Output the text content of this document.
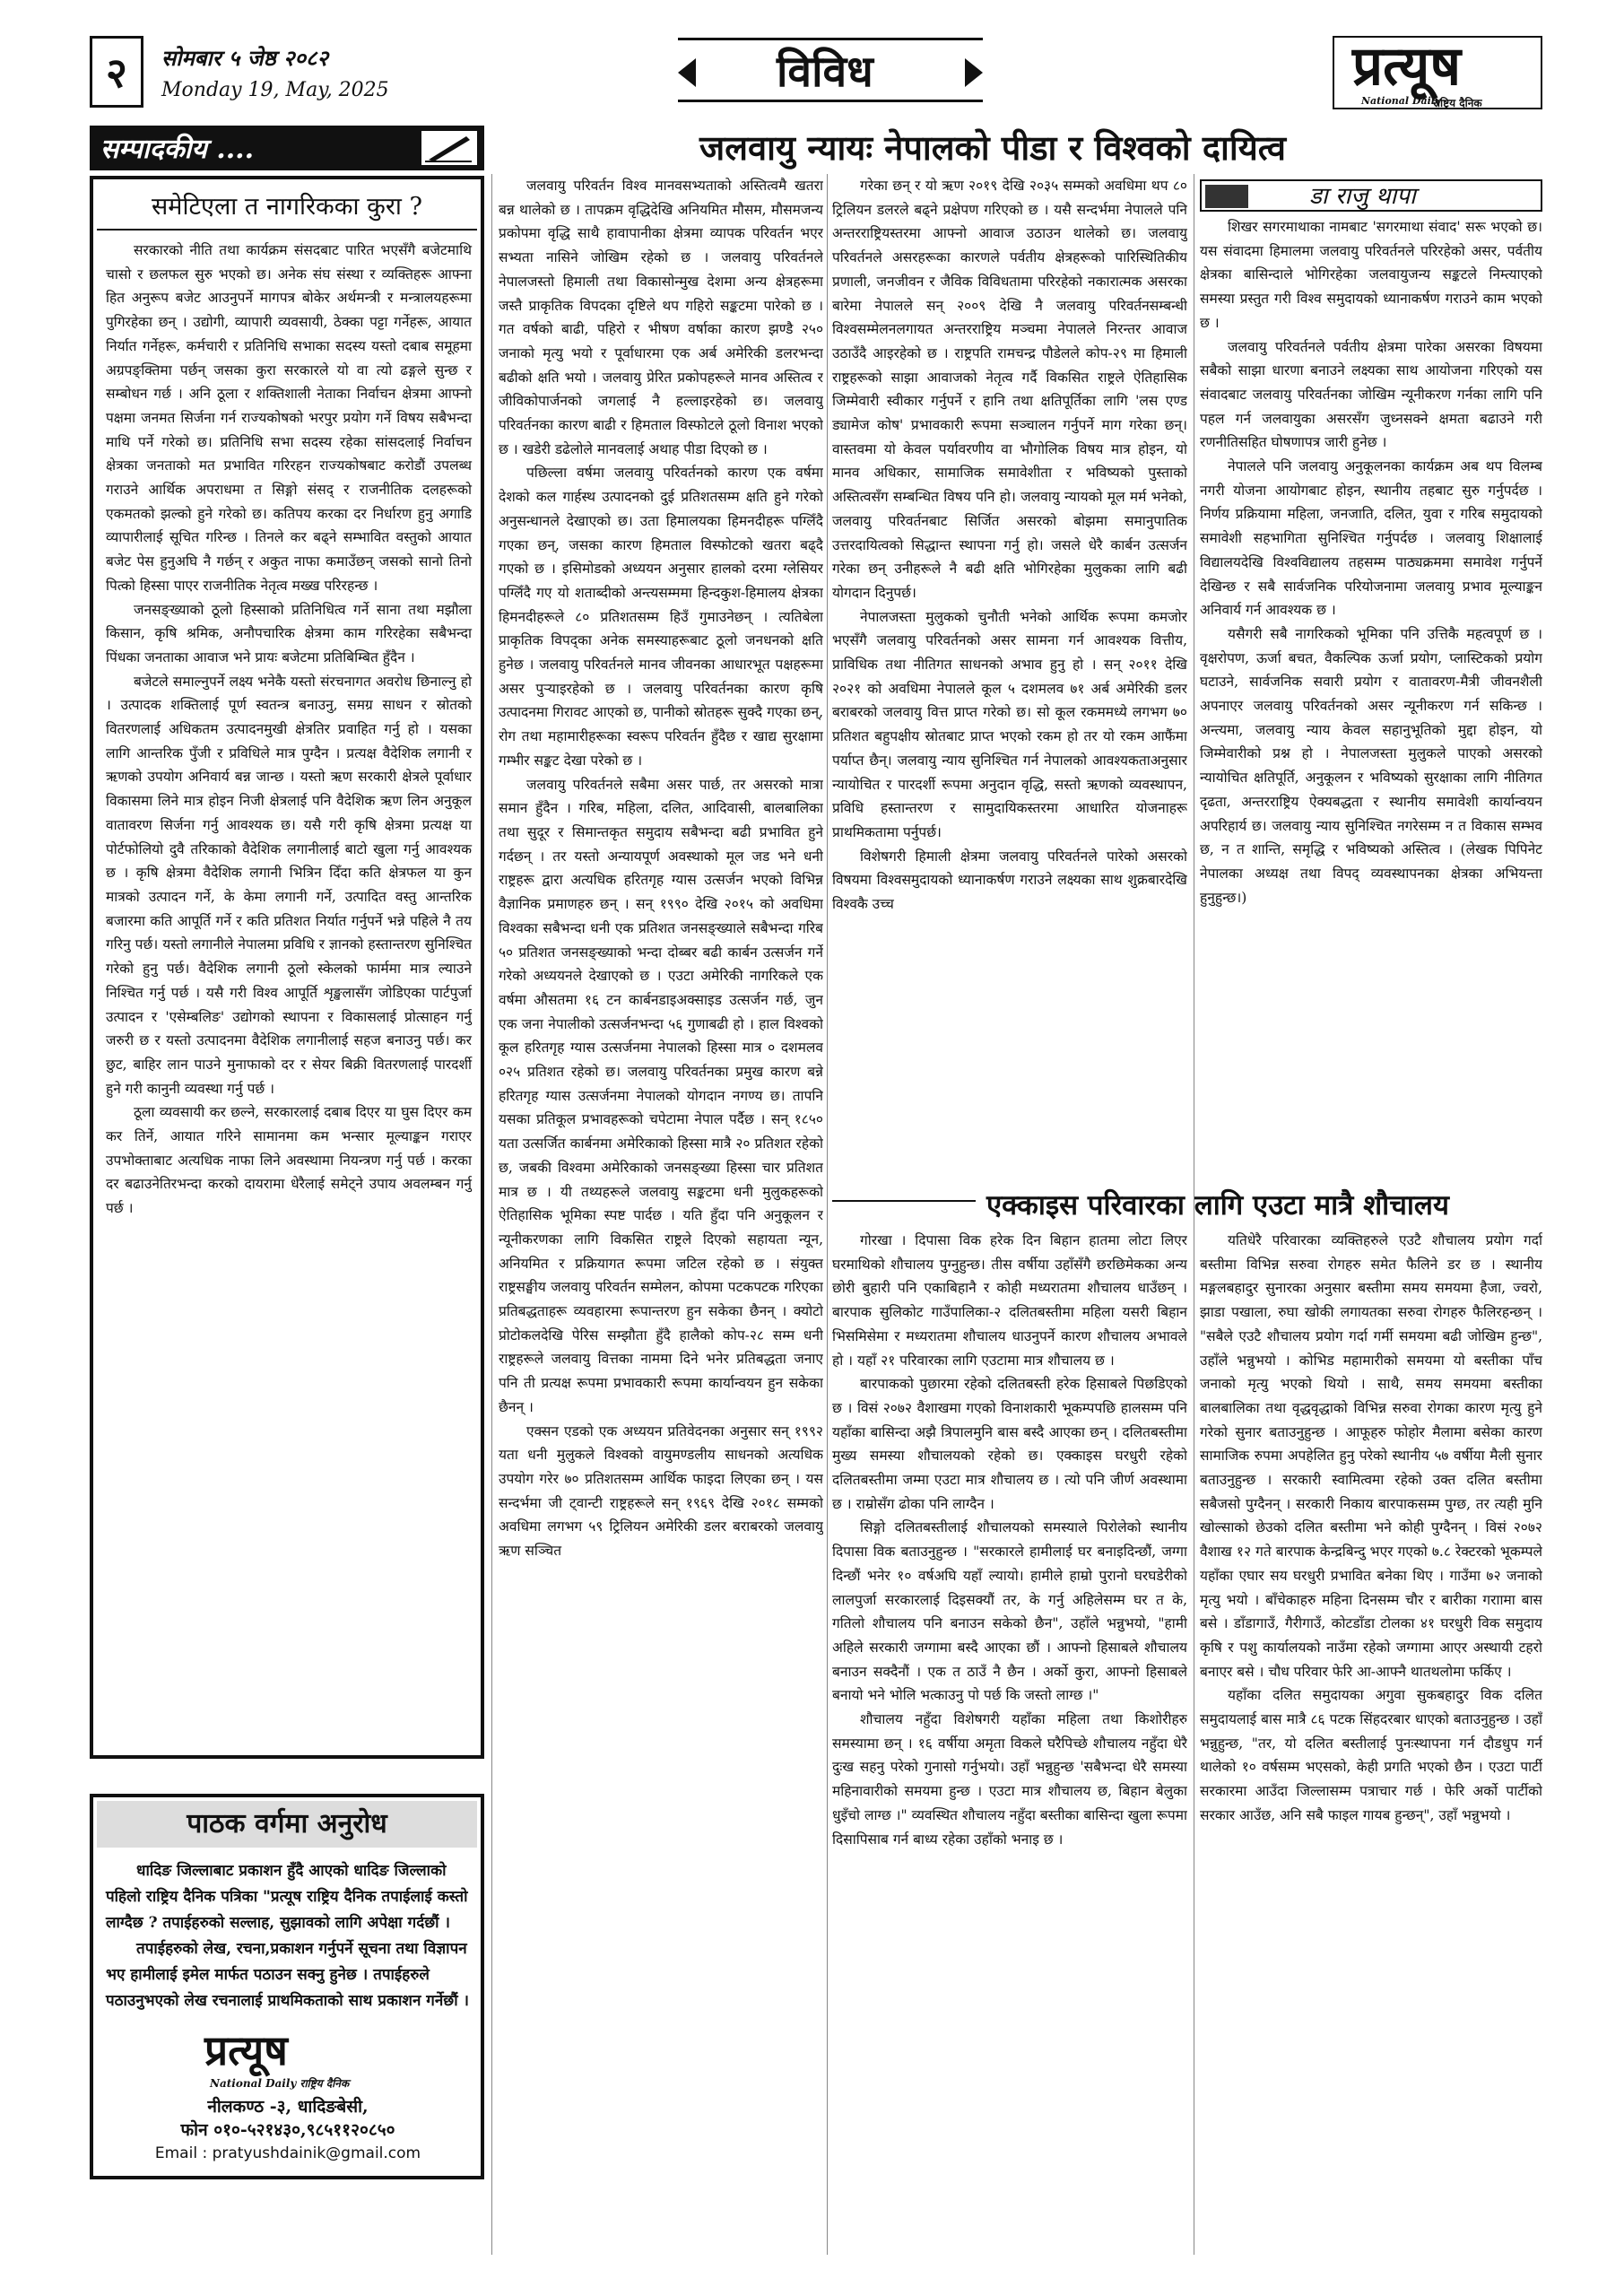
२	सोमबार ५ जेष्ठ २०८२
Monday 19, May, 2025	विविध	प्रत्यूष
National Daily
राष्ट्रिय दैनिक
सम्पादकीय ....
समेटिएला त नागरिकका कुरा ?

सरकारको नीति तथा कार्यक्रम संसदबाट पारित भएसँगै बजेटमाथि चासो र छलफल सुरु भएको छ। अनेक संघ संस्था र व्यक्तिहरू आफ्ना हित अनुरूप बजेट आउनुपर्ने मागपत्र बोकेर अर्थमन्त्री र मन्त्रालयहरूमा पुगिरहेका छन् । उद्योगी, व्यापारी व्यवसायी, ठेक्का पट्टा गर्नेहरू, आयात निर्यात गर्नेहरू, कर्मचारी र प्रतिनिधि सभाका सदस्य यस्तो दबाब समूहमा अग्रपङ्क्तिमा पर्छन् जसका कुरा सरकारले यो वा त्यो ढङ्गले सुन्छ र सम्बोधन गर्छ । अनि ठूला र शक्तिशाली नेताका निर्वाचन क्षेत्रमा आफ्नो पक्षमा जनमत सिर्जना गर्न राज्यकोषको भरपुर प्रयोग गर्ने विषय सबैभन्दा माथि पर्ने गरेको छ। प्रतिनिधि सभा सदस्य रहेका सांसदलाई निर्वाचन क्षेत्रका जनताको मत प्रभावित गरिरहन राज्यकोषबाट करोडौं उपलब्ध गराउने आर्थिक अपराधमा त सिङ्गो संसद् र राजनीतिक दलहरूको एकमतको झल्को हुने गरेको छ। कतिपय करका दर निर्धारण हुनु अगाडि व्यापारीलाई सूचित गरिन्छ । तिनले कर बढ्ने सम्भावित वस्तुको आयात बजेट पेस हुनुअघि नै गर्छन् र अकुत नाफा कमाउँछन् जसको सानो तिनो पित्को हिस्सा पाएर राजनीतिक नेतृत्व मख्ख परिरहन्छ ।

जनसङ्ख्याको ठूलो हिस्साको प्रतिनिधित्व गर्ने साना तथा मझौला किसान, कृषि श्रमिक, अनौपचारिक क्षेत्रमा काम गरिरहेका सबैभन्दा पिंधका जनताका आवाज भने प्रायः बजेटमा प्रतिबिम्बित हुँदैन ।

बजेटले समाल्नुपर्ने लक्ष्य भनेकै यस्तो संरचनागत अवरोध छिनाल्नु हो । उत्पादक शक्तिलाई पूर्ण स्वतन्त्र बनाउनु, समग्र साधन र स्रोतको वितरणलाई अधिकतम उत्पादनमुखी क्षेत्रतिर प्रवाहित गर्नु हो । यसका लागि आन्तरिक पुँजी र प्रविधिले मात्र पुग्दैन । प्रत्यक्ष वैदेशिक लगानी र ऋणको उपयोग अनिवार्य बन्न जान्छ । यस्तो ऋण सरकारी क्षेत्रले पूर्वाधार विकासमा लिने मात्र होइन निजी क्षेत्रलाई पनि वैदेशिक ऋण लिन अनुकूल वातावरण सिर्जना गर्नु आवश्यक छ। यसै गरी कृषि क्षेत्रमा प्रत्यक्ष या पोर्टफोलियो दुवै तरिकाको वैदेशिक लगानीलाई बाटो खुला गर्नु आवश्यक छ । कृषि क्षेत्रमा वैदेशिक लगानी भित्रिन दिँदा कति क्षेत्रफल या कुन मात्रको उत्पादन गर्ने, के केमा लगानी गर्ने, उत्पादित वस्तु आन्तरिक बजारमा कति आपूर्ति गर्ने र कति प्रतिशत निर्यात गर्नुपर्ने भन्ने पहिले नै तय गरिनु पर्छ। यस्तो लगानीले नेपालमा प्रविधि र ज्ञानको हस्तान्तरण सुनिश्चित गरेको हुनु पर्छ। वैदेशिक लगानी ठूलो स्केलको फार्ममा मात्र ल्याउने निश्चित गर्नु पर्छ । यसै गरी विश्व आपूर्ति शृङ्खलासँग जोडिएका पार्टपुर्जा उत्पादन र 'एसेम्बलिङ' उद्योगको स्थापना र विकासलाई प्रोत्साहन गर्नु जरुरी छ र यस्तो उत्पादनमा वैदेशिक लगानीलाई सहज बनाउनु पर्छ। कर छुट, बाहिर लान पाउने मुनाफाको दर र सेयर बिक्री वितरणलाई पारदर्शी हुने गरी कानुनी व्यवस्था गर्नु पर्छ ।

ठूला व्यवसायी कर छल्ने, सरकारलाई दबाब दिएर या घुस दिएर कम कर तिर्ने, आयात गरिने सामानमा कम भन्सार मूल्याङ्कन गराएर उपभोक्ताबाट अत्यधिक नाफा लिने अवस्थामा नियन्त्रण गर्नु पर्छ । करका दर बढाउनेतिरभन्दा करको दायरामा धेरैलाई समेट्ने उपाय अवलम्बन गर्नु पर्छ ।

पाठक वर्गमा अनुरोध

धादिङ जिल्लाबाट प्रकाशन हुँदै आएको धादिङ जिल्लाको पहिलो राष्ट्रिय दैनिक पत्रिका "प्रत्यूष राष्ट्रिय दैनिक तपाईलाई कस्तो लाग्दैछ ? तपाईहरुको सल्लाह, सुझावको लागि अपेक्षा गर्दछौं ।

तपाईहरुको लेख, रचना,प्रकाशन गर्नुपर्ने सूचना तथा विज्ञापन भए हामीलाई इमेल मार्फत पठाउन सक्नु हुनेछ । तपाईहरुले पठाउनुभएको लेख रचनालाई प्राथमिकताको साथ प्रकाशन गर्नेछौं ।

प्रत्यूष
National Daily राष्ट्रिय दैनिक
नीलकण्ठ -३, धादिङबेसी,
फोन ०१०-५२१४३०,९८५११२०८५०
Email : pratyushdainik@gmail.com
जलवायु न्यायः नेपालको पीडा र विश्वको दायित्व

जलवायु परिवर्तन विश्व मानवसभ्यताको अस्तित्वमै खतरा बन्न थालेको छ । तापक्रम वृद्धिदेखि अनियमित मौसम, मौसमजन्य प्रकोपमा वृद्धि साथै हावापानीका क्षेत्रमा व्यापक परिवर्तन भएर सभ्यता नासिने जोखिम रहेको छ । जलवायु परिवर्तनले नेपालजस्तो हिमाली तथा विकासोन्मुख देशमा अन्य क्षेत्रहरूमा जस्तै प्राकृतिक विपदका दृष्टिले थप गहिरो सङ्कटमा पारेको छ । गत वर्षको बाढी, पहिरो र भीषण वर्षाका कारण झण्डै २५० जनाको मृत्यु भयो र पूर्वाधारमा एक अर्ब अमेरिकी डलरभन्दा बढीको क्षति भयो । जलवायु प्रेरित प्रकोपहरूले मानव अस्तित्व र जीविकोपार्जनको जगलाई नै हल्लाइरहेको छ। जलवायु परिवर्तनका कारण बाढी र हिमताल विस्फोटले ठूलो विनाश भएको छ । खडेरी डढेलोले मानवलाई अथाह पीडा दिएको छ ।

पछिल्ला वर्षमा जलवायु परिवर्तनको कारण एक वर्षमा देशको कल गार्हस्थ उत्पादनको दुई प्रतिशतसम्म क्षति हुने गरेको अनुसन्धानले देखाएको छ। उता हिमालयका हिमनदीहरू पग्लिँदै गएका छन्, जसका कारण हिमताल विस्फोटको खतरा बढ्दै गएको छ । इसिमोडको अध्ययन अनुसार हालको दरमा ग्लेसियर पग्लिँदै गए यो शताब्दीको अन्त्यसम्ममा हिन्दकुश-हिमालय क्षेत्रका हिमनदीहरूले ८० प्रतिशतसम्म हिउँ गुमाउनेछन् । त्यतिबेला प्राकृतिक विपद्का अनेक समस्याहरूबाट ठूलो जनधनको क्षति हुनेछ । जलवायु परिवर्तनले मानव जीवनका आधारभूत पक्षहरूमा असर पुऱ्याइरहेको छ । जलवायु परिवर्तनका कारण कृषि उत्पादनमा गिरावट आएको छ, पानीको स्रोतहरू सुक्दै गएका छन्, रोग तथा महामारीहरूका स्वरूप परिवर्तन हुँदैछ र खाद्य सुरक्षामा गम्भीर सङ्कट देखा परेको छ ।

जलवायु परिवर्तनले सबैमा असर पार्छ, तर असरको मात्रा समान हुँदैन । गरिब, महिला, दलित, आदिवासी, बालबालिका तथा सुदूर र सिमान्तकृत समुदाय सबैभन्दा बढी प्रभावित हुने गर्दछन् । तर यस्तो अन्यायपूर्ण अवस्थाको मूल जड भने धनी राष्ट्रहरू द्वारा अत्यधिक हरितगृह ग्यास उत्सर्जन भएको विभिन्न वैज्ञानिक प्रमाणहरु छन् । सन् १९९० देखि २०१५ को अवधिमा विश्वका सबैभन्दा धनी एक प्रतिशत जनसङ्ख्याले सबैभन्दा गरिब ५० प्रतिशत जनसङ्ख्याको भन्दा दोब्बर बढी कार्बन उत्सर्जन गर्ने गरेको अध्ययनले देखाएको छ । एउटा अमेरिकी नागरिकले एक वर्षमा औसतमा १६ टन कार्बनडाइअक्साइड उत्सर्जन गर्छ, जुन एक जना नेपालीको उत्सर्जनभन्दा ५६ गुणाबढी हो । हाल विश्वको कूल हरितगृह ग्यास उत्सर्जनमा नेपालको हिस्सा मात्र ० दशमलव ०२५ प्रतिशत रहेको छ। जलवायु परिवर्तनका प्रमुख कारण बन्ने हरितगृह ग्यास उत्सर्जनमा नेपालको योगदान नगण्य छ। तापनि यसका प्रतिकूल प्रभावहरूको चपेटामा नेपाल पर्दैछ । सन् १८५० यता उत्सर्जित कार्बनमा अमेरिकाको हिस्सा मात्रै २० प्रतिशत रहेको छ, जबकी विश्वमा अमेरिकाको जनसङ्ख्या हिस्सा चार प्रतिशत मात्र छ । यी तथ्यहरूले जलवायु सङ्कटमा धनी मुलुकहरूको ऐतिहासिक भूमिका स्पष्ट पार्दछ । यति हुँदा पनि अनुकूलन र न्यूनीकरणका लागि विकसित राष्ट्रले दिएको सहायता न्यून, अनियमित र प्रक्रियागत रूपमा जटिल रहेको छ । संयुक्त राष्ट्रसङ्घीय जलवायु परिवर्तन सम्मेलन, कोपमा पटकपटक गरिएका प्रतिबद्धताहरू व्यवहारमा रूपान्तरण हुन सकेका छैनन् । क्योटो प्रोटोकलदेखि पेरिस सम्झौता हुँदै हालैको कोप-२८ सम्म धनी राष्ट्रहरूले जलवायु वित्तका नाममा दिने भनेर प्रतिबद्धता जनाए पनि ती प्रत्यक्ष रूपमा प्रभावकारी रूपमा कार्यान्वयन हुन सकेका छैनन् ।

एक्सन एडको एक अध्ययन प्रतिवेदनका अनुसार सन् १९९२ यता धनी मुलुकले विश्वको वायुमण्डलीय साधनको अत्यधिक उपयोग गरेर ७० प्रतिशतसम्म आर्थिक फाइदा लिएका छन् । यस सन्दर्भमा जी ट्वान्टी राष्ट्रहरूले सन् १९६९ देखि २०१८ सम्मको अवधिमा लगभग ५९ ट्रिलियन अमेरिकी डलर बराबरको जलवायु ऋण सञ्चित

गरेका छन् र यो ऋण २०१९ देखि २०३५ सम्मको अवधिमा थप ८० ट्रिलियन डलरले बढ्ने प्रक्षेपण गरिएको छ । यसै सन्दर्भमा नेपालले पनि अन्तरराष्ट्रियस्तरमा आफ्नो आवाज उठाउन थालेको छ। जलवायु परिवर्तनले असरहरूका कारणले पर्वतीय क्षेत्रहरूको पारिस्थितिकीय प्रणाली, जनजीवन र जैविक विविधतामा परिरहेको नकारात्मक असरका बारेमा नेपालले सन् २००९ देखि नै जलवायु परिवर्तनसम्बन्धी विश्वसम्मेलनलगायत अन्तरराष्ट्रिय मञ्चमा नेपालले निरन्तर आवाज उठाउँदै आइरहेको छ । राष्ट्रपति रामचन्द्र पौडेलले कोप-२९ मा हिमाली राष्ट्रहरूको साझा आवाजको नेतृत्व गर्दै विकसित राष्ट्रले ऐतिहासिक जिम्मेवारी स्वीकार गर्नुपर्ने र हानि तथा क्षतिपूर्तिका लागि 'लस एण्ड ड्यामेज कोष' प्रभावकारी रूपमा सञ्चालन गर्नुपर्ने माग गरेका छन्। वास्तवमा यो केवल पर्यावरणीय वा भौगोलिक विषय मात्र होइन, यो मानव अधिकार, सामाजिक समावेशीता र भविष्यको पुस्ताको अस्तित्वसँग सम्बन्धित विषय पनि हो। जलवायु न्यायको मूल मर्म भनेको, जलवायु परिवर्तनबाट सिर्जित असरको बोझमा समानुपातिक उत्तरदायित्वको सिद्धान्त स्थापना गर्नु हो। जसले धेरै कार्बन उत्सर्जन गरेका छन् उनीहरूले नै बढी क्षति भोगिरहेका मुलुकका लागि बढी योगदान दिनुपर्छ।

नेपालजस्ता मुलुकको चुनौती भनेको आर्थिक रूपमा कमजोर भएसँगै जलवायु परिवर्तनको असर सामना गर्न आवश्यक वित्तीय, प्राविधिक तथा नीतिगत साधनको अभाव हुनु हो । सन् २०११ देखि २०२१ को अवधिमा नेपालले कूल ५ दशमलव ७१ अर्ब अमेरिकी डलर बराबरको जलवायु वित्त प्राप्त गरेको छ। सो कूल रकममध्ये लगभग ७० प्रतिशत बहुपक्षीय स्रोतबाट प्राप्त भएको रकम हो तर यो रकम आफैंमा पर्याप्त छैन्। जलवायु न्याय सुनिश्चित गर्न नेपालको आवश्यकताअनुसार न्यायोचित र पारदर्शी रूपमा अनुदान वृद्धि, सस्तो ऋणको व्यवस्थापन, प्रविधि हस्तान्तरण र सामुदायिकस्तरमा आधारित योजनाहरू प्राथमिकतामा पर्नुपर्छ।

विशेषगरी हिमाली क्षेत्रमा जलवायु परिवर्तनले पारेको असरको विषयमा विश्वसमुदायको ध्यानाकर्षण गराउने लक्ष्यका साथ शुक्रबारदेखि विश्वकै उच्च

डा राजु थापा

शिखर सगरमाथाका नामबाट 'सगरमाथा संवाद' सरू भएको छ। यस संवादमा हिमालमा जलवायु परिवर्तनले परिरहेको असर, पर्वतीय क्षेत्रका बासिन्दाले भोगिरहेका जलवायुजन्य सङ्कटले निम्त्याएको समस्या प्रस्तुत गरी विश्व समुदायको ध्यानाकर्षण गराउने काम भएको छ ।

जलवायु परिवर्तनले पर्वतीय क्षेत्रमा पारेका असरका विषयमा सबैको साझा धारणा बनाउने लक्ष्यका साथ आयोजना गरिएको यस संवादबाट जलवायु परिवर्तनका जोखिम न्यूनीकरण गर्नका लागि पनि पहल गर्न जलवायुका असरसँग जुध्नसक्ने क्षमता बढाउने गरी रणनीतिसहित घोषणापत्र जारी हुनेछ ।

नेपालले पनि जलवायु अनुकूलनका कार्यक्रम अब थप विलम्ब नगरी योजना आयोगबाट होइन, स्थानीय तहबाट सुरु गर्नुपर्दछ । निर्णय प्रक्रियामा महिला, जनजाति, दलित, युवा र गरिब समुदायको समावेशी सहभागिता सुनिश्चित गर्नुपर्दछ । जलवायु शिक्षालाई विद्यालयदेखि विश्वविद्यालय तहसम्म पाठ्यक्रममा समावेश गर्नुपर्ने देखिन्छ र सबै सार्वजनिक परियोजनामा जलवायु प्रभाव मूल्याङ्कन अनिवार्य गर्न आवश्यक छ ।

यसैगरी सबै नागरिकको भूमिका पनि उत्तिकै महत्वपूर्ण छ । वृक्षरोपण, ऊर्जा बचत, वैकल्पिक ऊर्जा प्रयोग, प्लास्टिकको प्रयोग घटाउने, सार्वजनिक सवारी प्रयोग र वातावरण-मैत्री जीवनशैली अपनाएर जलवायु परिवर्तनको असर न्यूनीकरण गर्न सकिन्छ । अन्त्यमा, जलवायु न्याय केवल सहानुभूतिको मुद्दा होइन, यो जिम्मेवारीको प्रश्न हो । नेपालजस्ता मुलुकले पाएको असरको न्यायोचित क्षतिपूर्ति, अनुकूलन र भविष्यको सुरक्षाका लागि नीतिगत दृढता, अन्तरराष्ट्रिय ऐक्यबद्धता र स्थानीय समावेशी कार्यान्वयन अपरिहार्य छ। जलवायु न्याय सुनिश्चित नगरेसम्म न त विकास सम्भव छ, न त शान्ति, समृद्धि र भविष्यको अस्तित्व । (लेखक पिपिनेट नेपालका अध्यक्ष तथा विपद् व्यवस्थापनका क्षेत्रका अभियन्ता हुनुहुन्छ।)

एक्काइस परिवारका लागि एउटा मात्रै शौचालय

गोरखा । दिपासा विक हरेक दिन बिहान हातमा लोटा लिएर घरमाथिको शौचालय पुग्नुहुन्छ। तीस वर्षीया उहाँसँगै छरछिमेकका अन्य छोरी बुहारी पनि एकाबिहानै र कोही मध्यरातमा शौचालय धाउँछन् । बारपाक सुलिकोट गाउँपालिका-२ दलितबस्तीमा महिला यसरी बिहान भिसमिसेमा र मध्यरातमा शौचालय धाउनुपर्ने कारण शौचालय अभावले हो । यहाँ २१ परिवारका लागि एउटामा मात्र शौचालय छ ।

बारपाकको पुछारमा रहेको दलितबस्ती हरेक हिसाबले पिछडिएको छ । विसं २०७२ वैशाखमा गएको विनाशकारी भूकम्पपछि हालसम्म पनि यहाँका बासिन्दा अझै त्रिपालमुनि बास बस्दै आएका छन् । दलितबस्तीमा मुख्य समस्या शौचालयको रहेको छ। एक्काइस घरधुरी रहेको दलितबस्तीमा जम्मा एउटा मात्र शौचालय छ । त्यो पनि जीर्ण अवस्थामा छ । राम्रोसँग ढोका पनि लाग्दैन ।

सिङ्गो दलितबस्तीलाई शौचालयको समस्याले पिरोलेको स्थानीय दिपासा विक बताउनुहुन्छ । "सरकारले हामीलाई घर बनाइदिन्छौं, जग्गा दिन्छौं भनेर १० वर्षअघि यहाँ ल्यायो। हामीले हाम्रो पुरानो घरघडेरीको लालपुर्जा सरकारलाई दिइसक्यौं तर, के गर्नु अहिलेसम्म घर त के, गतिलो शौचालय पनि बनाउन सकेको छैन", उहाँले भन्नुभयो, "हामी अहिले सरकारी जग्गामा बस्दै आएका छौं । आफ्नो हिसाबले शौचालय बनाउन सक्दैनौं । एक त ठाउँ नै छैन । अर्को कुरा, आफ्नो हिसाबले बनायो भने भोलि भत्काउनु पो पर्छ कि जस्तो लाग्छ ।"

शौचालय नहुँदा विशेषगरी यहाँका महिला तथा किशोरीहरु समस्यामा छन् । १६ वर्षीया अमृता विकले घरैपिच्छे शौचालय नहुँदा धेरै दुःख सहनु परेको गुनासो गर्नुभयो। उहाँ भन्नुहुन्छ 'सबैभन्दा धेरै समस्या महिनावारीको समयमा हुन्छ । एउटा मात्र शौचालय छ, बिहान बेलुका धुइँचो लाग्छ ।" व्यवस्थित शौचालय नहुँदा बस्तीका बासिन्दा खुला रूपमा दिसापिसाब गर्न बाध्य रहेका उहाँको भनाइ छ ।

यतिधेरै परिवारका व्यक्तिहरुले एउटै शौचालय प्रयोग गर्दा बस्तीमा विभिन्न सरुवा रोगहरु समेत फैलिने डर छ । स्थानीय मङ्गलबहादुर सुनारका अनुसार बस्तीमा समय समयमा हैजा, ज्वरो, झाडा पखाला, रुघा खोकी लगायतका सरुवा रोगहरु फैलिरहन्छन् । "सबैले एउटै शौचालय प्रयोग गर्दा गर्मी समयमा बढी जोखिम हुन्छ", उहाँले भन्नुभयो । कोभिड महामारीको समयमा यो बस्तीका पाँच जनाको मृत्यु भएको थियो । साथै, समय समयमा बस्तीका बालबालिका तथा वृद्धवृद्धाको विभिन्न सरुवा रोगका कारण मृत्यु हुने गरेको सुनार बताउनुहुन्छ । आफूहरु फोहोर मैलामा बसेका कारण सामाजिक रुपमा अपहेलित हुनु परेको स्थानीय ५७ वर्षीया मैली सुनार बताउनुहुन्छ । सरकारी स्वामित्वमा रहेको उक्त दलित बस्तीमा सबैजसो पुग्दैनन् । सरकारी निकाय बारपाकसम्म पुग्छ, तर त्यही मुनि खोल्साको छेउको दलित बस्तीमा भने कोही पुग्दैनन् । विसं २०७२ वैशाख १२ गते बारपाक केन्द्रबिन्दु भएर गएको ७.८ रेक्टरको भूकम्पले यहाँका एघार सय घरधुरी प्रभावित बनेका थिए । गाउँमा ७२ जनाको मृत्यु भयो । बाँचेकाहरु महिना दिनसम्म चौर र बारीका गराामा बास बसे । डाँडागाउँ, गैरीगाउँ, कोटडाँडा टोलका ४१ घरधुरी विक समुदाय कृषि र पशु कार्यालयको नाउँमा रहेको जग्गामा आएर अस्थायी टहरो बनाएर बसे । चौध परिवार फेरि आ-आफ्नै थातथलोमा फर्किए ।

यहाँका दलित समुदायका अगुवा सुकबहादुर विक दलित समुदायलाई बास मात्रै ८६ पटक सिंहदरबार धाएको बताउनुहुन्छ । उहाँ भन्नुहुन्छ, "तर, यो दलित बस्तीलाई पुनःस्थापना गर्न दौडधुप गर्न थालेको १० वर्षसम्म भएसको, केही प्रगति भएको छैन । एउटा पार्टी सरकारमा आउँदा जिल्लासम्म पत्राचार गर्छ । फेरि अर्को पार्टीको सरकार आउँछ, अनि सबै फाइल गायब हुन्छन्", उहाँ भन्नुभयो ।
